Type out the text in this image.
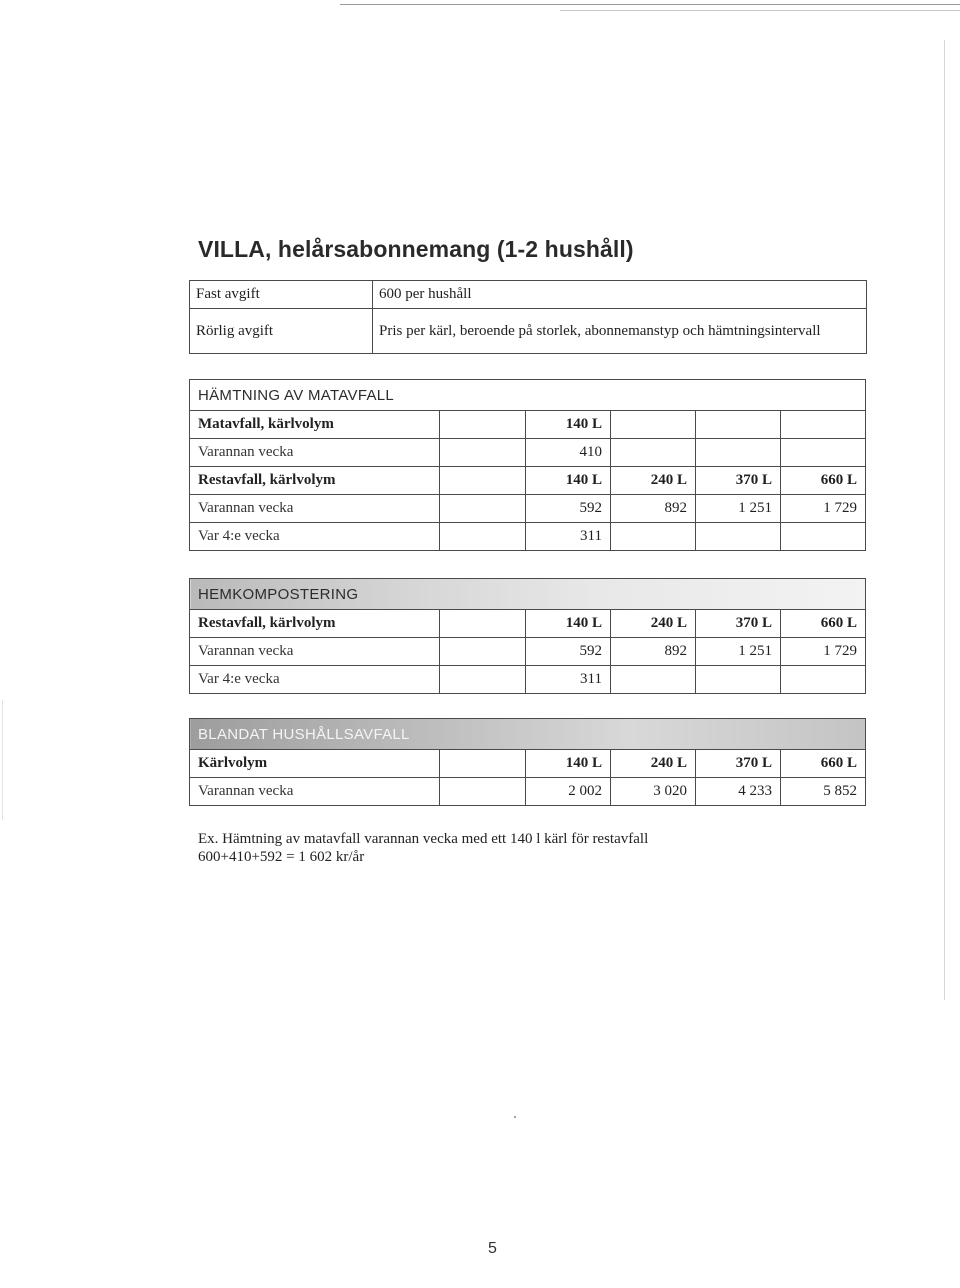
VILLA, helårsabonnemang (1-2 hushåll)
Fast avgift	600 per hushåll
Rörlig avgift	Pris per kärl, beroende på storlek, abonnemanstyp och hämtningsintervall
HÄMTNING AV MATAVFALL					
Matavfall, kärlvolym		140 L			
Varannan vecka		410			
Restavfall, kärlvolym		140 L	240 L	370 L	660 L
Varannan vecka		592	892	1 251	1 729
Var 4:e vecka		311			
HEMKOMPOSTERING					
Restavfall, kärlvolym		140 L	240 L	370 L	660 L
Varannan vecka		592	892	1 251	1 729
Var 4:e vecka		311			
BLANDAT HUSHÅLLSAVFALL					
Kärlvolym		140 L	240 L	370 L	660 L
Varannan vecka		2 002	3 020	4 233	5 852
Ex. Hämtning av matavfall varannan vecka med ett 140 l kärl för restavfall
600+410+592 = 1 602 kr/år
5
